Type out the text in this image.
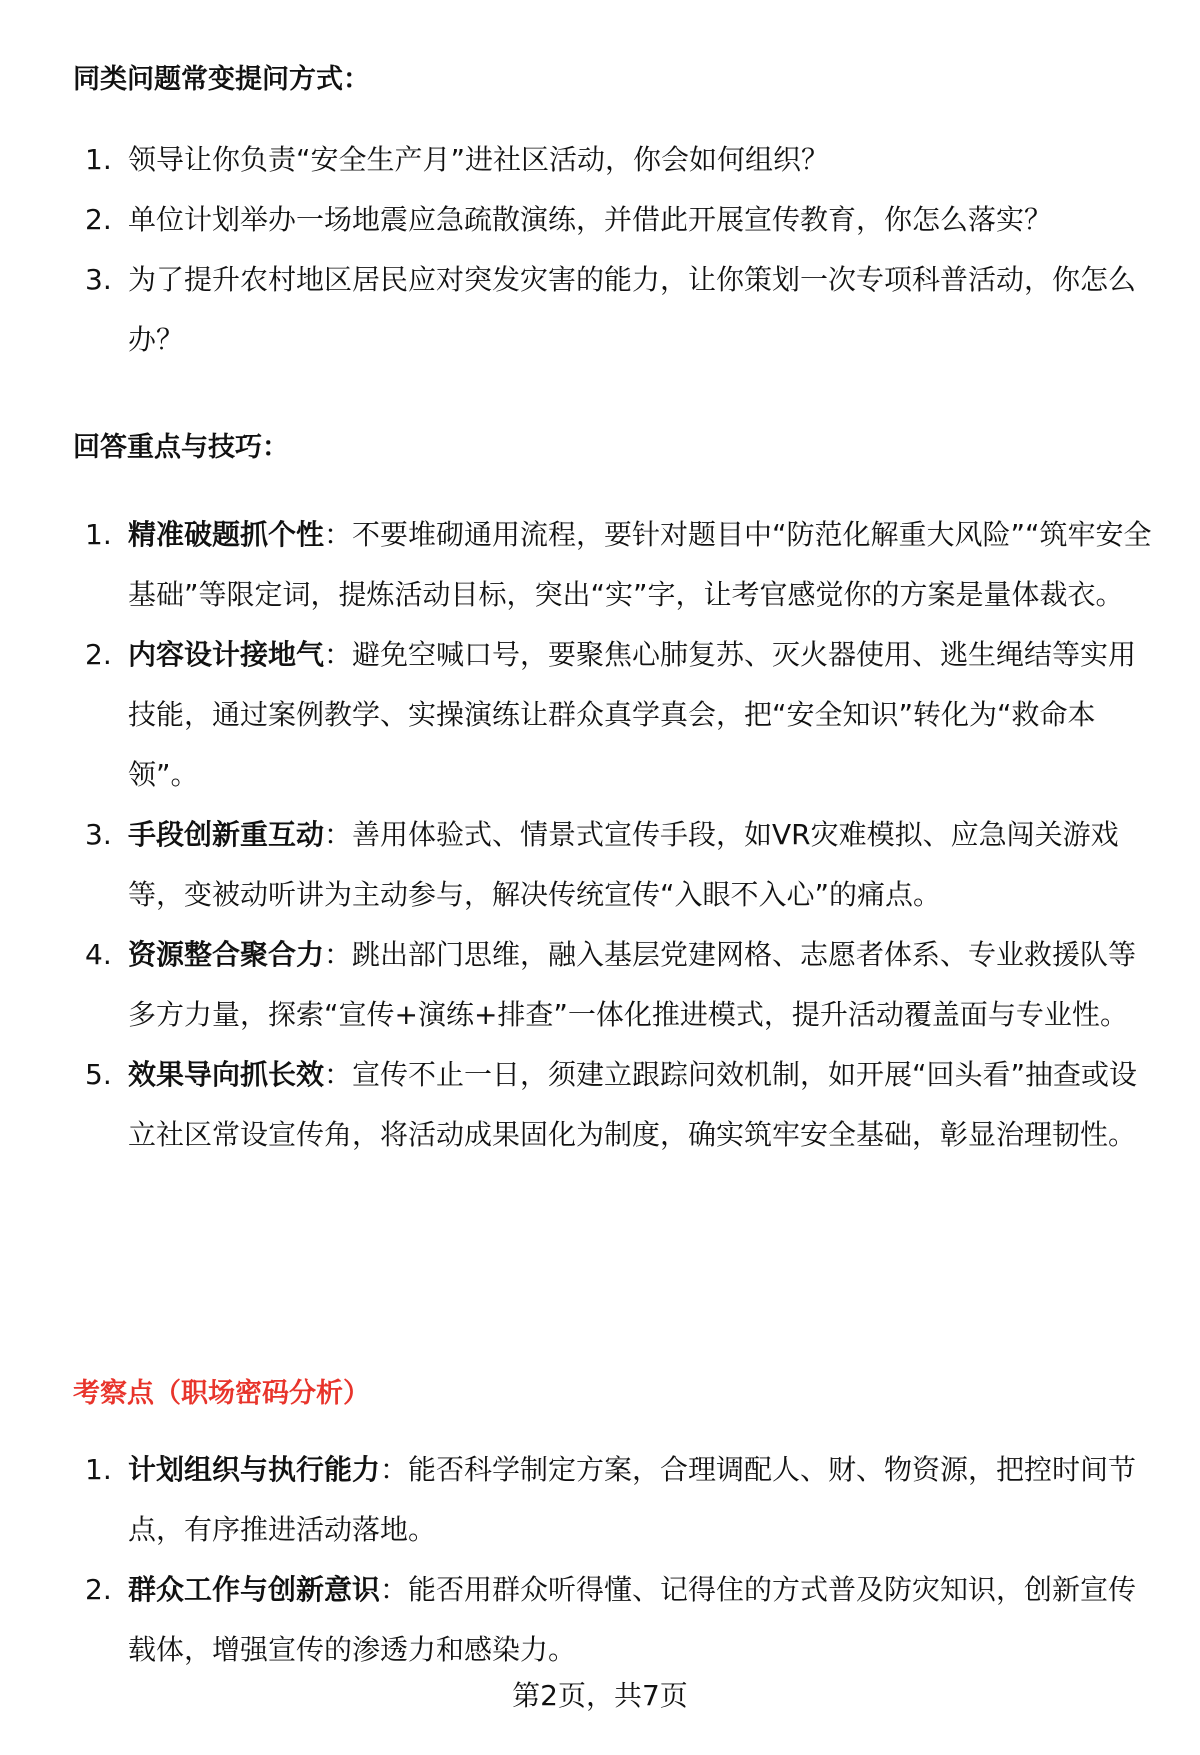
同类问题常变提问方式：
1. 领导让你负责“安全生产月”进社区活动，你会如何组织？
2. 单位计划举办一场地震应急疏散演练，并借此开展宣传教育，你怎么落实？
3. 为了提升农村地区居民应对突发灾害的能力，让你策划一次专项科普活动，你怎么办？
回答重点与技巧：
1. 精准破题抓个性：不要堆砌通用流程，要针对题目中“防范化解重大风险”“筑牢安全基础”等限定词，提炼活动目标，突出“实”字，让考官感觉你的方案是量体裁衣。
2. 内容设计接地气：避免空喊口号，要聚焦心肺复苏、灭火器使用、逃生绳结等实用技能，通过案例教学、实操演练让群众真学真会，把“安全知识”转化为“救命本领”。
3. 手段创新重互动：善用体验式、情景式宣传手段，如VR灾难模拟、应急闯关游戏等，变被动听讲为主动参与，解决传统宣传“入眼不入心”的痛点。
4. 资源整合聚合力：跳出部门思维，融入基层党建网格、志愿者体系、专业救援队等多方力量，探索“宣传+演练+排查”一体化推进模式，提升活动覆盖面与专业性。
5. 效果导向抓长效：宣传不止一日，须建立跟踪问效机制，如开展“回头看”抽查或设立社区常设宣传角，将活动成果固化为制度，确实筑牢安全基础，彰显治理韧性。
考察点（职场密码分析）
1. 计划组织与执行能力：能否科学制定方案，合理调配人、财、物资源，把控时间节点，有序推进活动落地。
2. 群众工作与创新意识：能否用群众听得懂、记得住的方式普及防灾知识，创新宣传载体，增强宣传的渗透力和感染力。
第2页，共7页
